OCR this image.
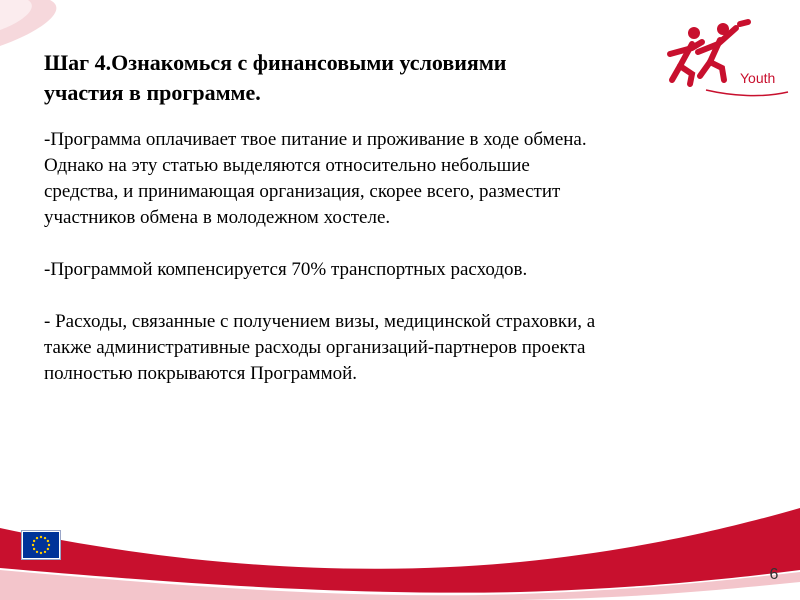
Youth
Шаг 4.Ознакомься с финансовыми условиями
участия в программе.
-Программа оплачивает твое питание и проживание в ходе обмена.
Однако на эту статью выделяются относительно небольшие
средства, и принимающая организация, скорее всего, разместит
участников обмена в молодежном хостеле.
-Программой компенсируется 70% транспортных расходов.
- Расходы, связанные с получением визы, медицинской страховки, а
также административные расходы организаций-партнеров проекта
полностью покрываются Программой.
6
